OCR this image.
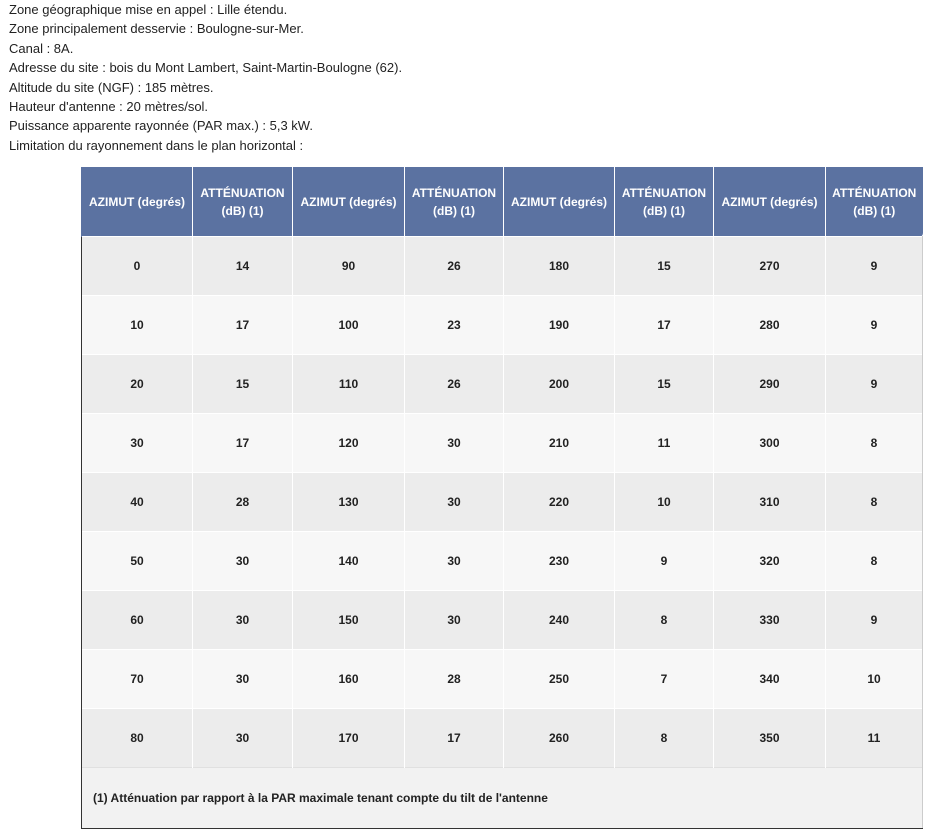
Zone géographique mise en appel : Lille étendu.
Zone principalement desservie : Boulogne-sur-Mer.
Canal : 8A.
Adresse du site : bois du Mont Lambert, Saint-Martin-Boulogne (62).
Altitude du site (NGF) : 185 mètres.
Hauteur d'antenne : 20 mètres/sol.
Puissance apparente rayonnée (PAR max.) : 5,3 kW.
Limitation du rayonnement dans le plan horizontal :
AZIMUT (degrés)	ATTÉNUATION (dB) (1)	AZIMUT (degrés)	ATTÉNUATION (dB) (1)	AZIMUT (degrés)	ATTÉNUATION (dB) (1)	AZIMUT (degrés)	ATTÉNUATION (dB) (1)
0	14	90	26	180	15	270	9
10	17	100	23	190	17	280	9
20	15	110	26	200	15	290	9
30	17	120	30	210	11	300	8
40	28	130	30	220	10	310	8
50	30	140	30	230	9	320	8
60	30	150	30	240	8	330	9
70	30	160	28	250	7	340	10
80	30	170	17	260	8	350	11
(1) Atténuation par rapport à la PAR maximale tenant compte du tilt de l'antenne							
